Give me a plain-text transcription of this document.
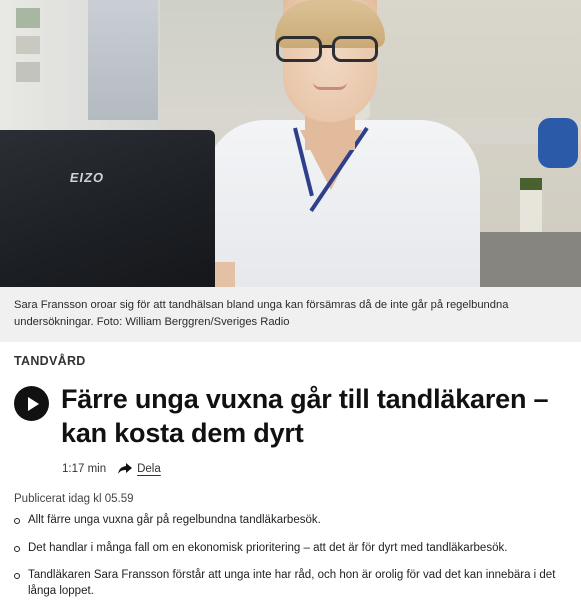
EIZO
Sara Fransson oroar sig för att tandhälsan bland unga kan försämras då de inte går på regelbundna undersökningar. Foto: William Berggren/Sveriges Radio
TANDVÅRD
Färre unga vuxna går till tandläkaren – kan kosta dem dyrt
1:17 min	Dela
Publicerat idag kl 05.59
Allt färre unga vuxna går på regelbundna tandläkarbesök.
Det handlar i många fall om en ekonomisk prioritering – att det är för dyrt med tandläkarbesök.
Tandläkaren Sara Fransson förstår att unga inte har råd, och hon är orolig för vad det kan innebära i det långa loppet.
